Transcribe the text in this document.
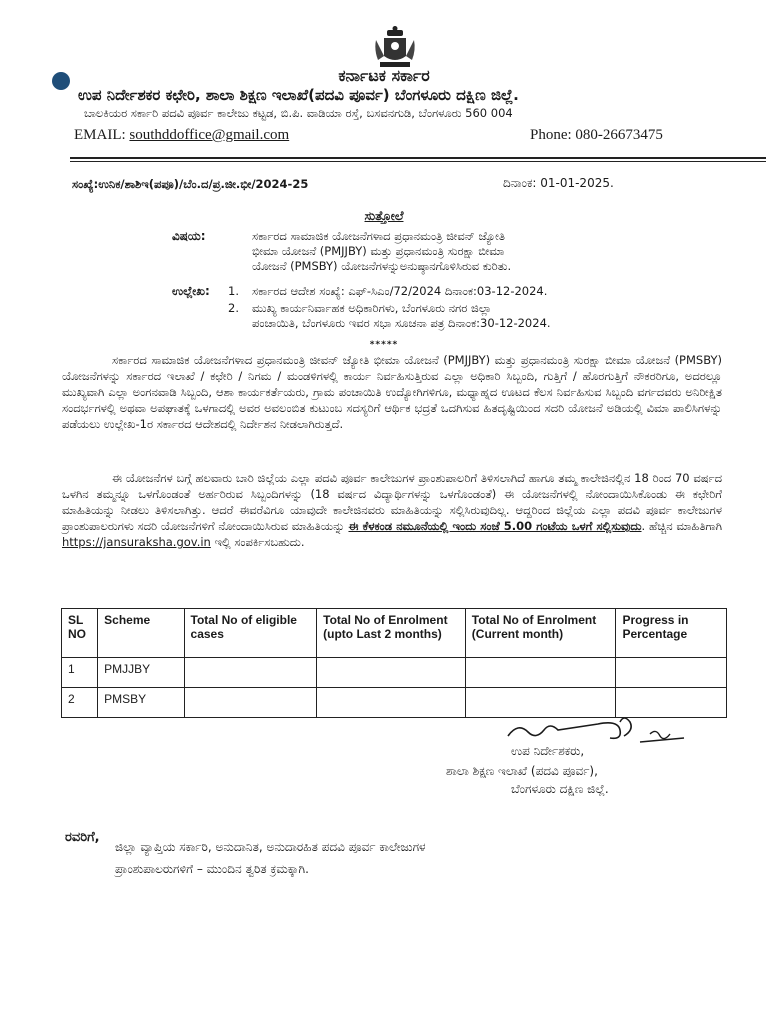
ಕರ್ನಾಟಕ ಸರ್ಕಾರ
ಉಪ ನಿರ್ದೇಶಕರ ಕಛೇರಿ, ಶಾಲಾ ಶಿಕ್ಷಣ ಇಲಾಖೆ(ಪದವಿ ಪೂರ್ವ) ಬೆಂಗಳೂರು ದಕ್ಷಿಣ ಜಿಲ್ಲೆ.
ಬಾಲಕಿಯರ ಸರ್ಕಾರಿ ಪದವಿ ಪೂರ್ವ ಕಾಲೇಜು ಕಟ್ಟಡ, ಬಿ.ಪಿ. ವಾಡಿಯಾ ರಸ್ತೆ, ಬಸವನಗುಡಿ, ಬೆಂಗಳೂರು 560 004
EMAIL: southddoffice@gmail.com	Phone: 080-26673475
ಸಂಖ್ಯೆ:ಉನಿಕ/ಶಾಶಿಇ(ಪಪೂ)/ಬೆಂ.ದ/ಪ್ರ.ಜೀ.ಭೀ/2024-25	ದಿನಾಂಕ: 01-01-2025.
ಸುತ್ತೋಲೆ
ವಿಷಯ:	ಸರ್ಕಾರದ ಸಾಮಾಜಿಕ ಯೋಜನೆಗಳಾದ ಪ್ರಧಾನಮಂತ್ರಿ ಜೀವನ್ ಜ್ಯೋತಿ
ಭೀಮಾ ಯೋಜನೆ (PMJJBY) ಮತ್ತು ಪ್ರಧಾನಮಂತ್ರಿ ಸುರಕ್ಷಾ ಬೀಮಾ
ಯೋಜನೆ (PMSBY) ಯೋಜನೆಗಳನ್ನುಅನುಷ್ಠಾನಗೊಳಿಸಿರುವ ಕುರಿತು.
ಉಲ್ಲೇಖ: 1. ಸರ್ಕಾರದ ಆದೇಶ ಸಂಖ್ಯೆ: ಎಫ್-ಸಿಎಂ/72/2024 ದಿನಾಂಕ:03-12-2024.
2. ಮುಖ್ಯ ಕಾರ್ಯನಿರ್ವಾಹಕ ಅಧಿಕಾರಿಗಳು, ಬೆಂಗಳೂರು ನಗರ ಜಿಲ್ಲಾ
ಪಂಚಾಯಿತಿ, ಬೆಂಗಳೂರು ಇವರ ಸಭಾ ಸೂಚನಾ ಪತ್ರ ದಿನಾಂಕ:30-12-2024.
*****
ಸರ್ಕಾರದ ಸಾಮಾಜಿಕ ಯೋಜನೆಗಳಾದ ಪ್ರಧಾನಮಂತ್ರಿ ಜೀವನ್ ಜ್ಯೋತಿ ಭೀಮಾ ಯೋಜನೆ (PMJJBY) ಮತ್ತು ಪ್ರಧಾನಮಂತ್ರಿ ಸುರಕ್ಷಾ ಬೀಮಾ ಯೋಜನೆ (PMSBY) ಯೋಜನೆಗಳನ್ನು ಸರ್ಕಾರದ ಇಲಾಖೆ / ಕಛೇರಿ / ನಿಗಮ / ಮಂಡಳಿಗಳಲ್ಲಿ ಕಾರ್ಯ ನಿರ್ವಹಿಸುತ್ತಿರುವ ಎಲ್ಲಾ ಅಧಿಕಾರಿ ಸಿಬ್ಬಂದಿ, ಗುತ್ತಿಗೆ / ಹೊರಗುತ್ತಿಗೆ ನೌಕರರಿಗೂ, ಅದರಲ್ಲೂ ಮುಖ್ಯವಾಗಿ ಎಲ್ಲಾ ಅಂಗನವಾಡಿ ಸಿಬ್ಬಂದಿ, ಆಶಾ ಕಾರ್ಯಕರ್ತೆಯರು, ಗ್ರಾಮ ಪಂಚಾಯಿತಿ ಉದ್ಯೋಗಿಗಳಿಗೂ, ಮಧ್ಯಾಹ್ನದ ಊಟದ ಕೆಲಸ ನಿರ್ವಹಿಸುವ ಸಿಬ್ಬಂದಿ ವರ್ಗದವರು ಅನಿರೀಕ್ಷಿತ ಸಂದರ್ಭಗಳಲ್ಲಿ ಅಥವಾ ಅಪಘಾತಕ್ಕೆ ಒಳಗಾದಲ್ಲಿ ಅವರ ಅವಲಂಬಿತ ಕುಟುಂಬ ಸದಸ್ಯರಿಗೆ ಆರ್ಥಿಕ ಭದ್ರತೆ ಒದಗಿಸುವ ಹಿತದೃಷ್ಟಿಯಿಂದ ಸದರಿ ಯೋಜನೆ ಅಡಿಯಲ್ಲಿ ವಿಮಾ ಪಾಲಿಸಿಗಳನ್ನು ಪಡೆಯಲು ಉಲ್ಲೇಖ-1ರ ಸರ್ಕಾರದ ಆದೇಶದಲ್ಲಿ ನಿರ್ದೇಶನ ನೀಡಲಾಗಿರುತ್ತದೆ.
ಈ ಯೋಜನೆಗಳ ಬಗ್ಗೆ ಹಲವಾರು ಬಾರಿ ಜಿಲ್ಲೆಯ ಎಲ್ಲಾ ಪದವಿ ಪೂರ್ವ ಕಾಲೇಜುಗಳ ಪ್ರಾಂಶುಪಾಲರಿಗೆ ತಿಳಿಸಲಾಗಿದೆ ಹಾಗೂ ತಮ್ಮ ಕಾಲೇಜಿನಲ್ಲಿನ 18 ರಿಂದ 70 ವರ್ಷದ ಒಳಗಿನ ತಮ್ಮನ್ನೂ ಒಳಗೊಂಡಂತೆ ಅರ್ಹರಿರುವ ಸಿಬ್ಬಂದಿಗಳನ್ನು (18 ವರ್ಷದ ವಿದ್ಯಾರ್ಥಿಗಳನ್ನು ಒಳಗೊಂಡಂತೆ) ಈ ಯೋಜನೆಗಳಲ್ಲಿ ನೋಂದಾಯಿಸಿಕೊಂಡು ಈ ಕಛೇರಿಗೆ ಮಾಹಿತಿಯನ್ನು ನೀಡಲು ತಿಳಿಸಲಾಗಿತ್ತು. ಆದರೆ ಈವರೆವಿಗೂ ಯಾವುದೇ ಕಾಲೇಜಿನವರು ಮಾಹಿತಿಯನ್ನು ಸಲ್ಲಿಸಿರುವುದಿಲ್ಲ. ಆದ್ದರಿಂದ ಜಿಲ್ಲೆಯ ಎಲ್ಲಾ ಪದವಿ ಪೂರ್ವ ಕಾಲೇಜುಗಳ ಪ್ರಾಂಶುಪಾಲರುಗಳು ಸದರಿ ಯೋಜನೆಗಳಿಗೆ ನೋಂದಾಯಿಸಿರುವ ಮಾಹಿತಿಯನ್ನು ಈ ಕೆಳಕಂಡ ನಮೂನೆಯಲ್ಲಿ ಇಂದು ಸಂಜೆ 5.00 ಗಂಟೆಯ ಒಳಗೆ ಸಲ್ಲಿಸುವುದು. ಹೆಚ್ಚಿನ ಮಾಹಿತಿಗಾಗಿ https://jansuraksha.gov.in ಇಲ್ಲಿ ಸಂಪರ್ಕಿಸಬಹುದು.
SL NO	Scheme	Total No of eligible cases	Total No of Enrolment (upto Last 2 months)	Total No of Enrolment (Current month)	Progress in Percentage
1	PMJJBY				
2	PMSBY				
ಉಪ ನಿರ್ದೇಶಕರು,
ಶಾಲಾ ಶಿಕ್ಷಣ ಇಲಾಖೆ (ಪದವಿ ಪೂರ್ವ),
ಬೆಂಗಳೂರು ದಕ್ಷಿಣ ಜಿಲ್ಲೆ.
ರವರಿಗೆ,
ಜಿಲ್ಲಾ ವ್ಯಾಪ್ತಿಯ ಸರ್ಕಾರಿ, ಅನುದಾನಿತ, ಅನುದಾರಹಿತ ಪದವಿ ಪೂರ್ವ ಕಾಲೇಜುಗಳ
ಪ್ರಾಂಶುಪಾಲರುಗಳಿಗೆ – ಮುಂದಿನ ತ್ವರಿತ ಕ್ರಮಕ್ಕಾಗಿ.
